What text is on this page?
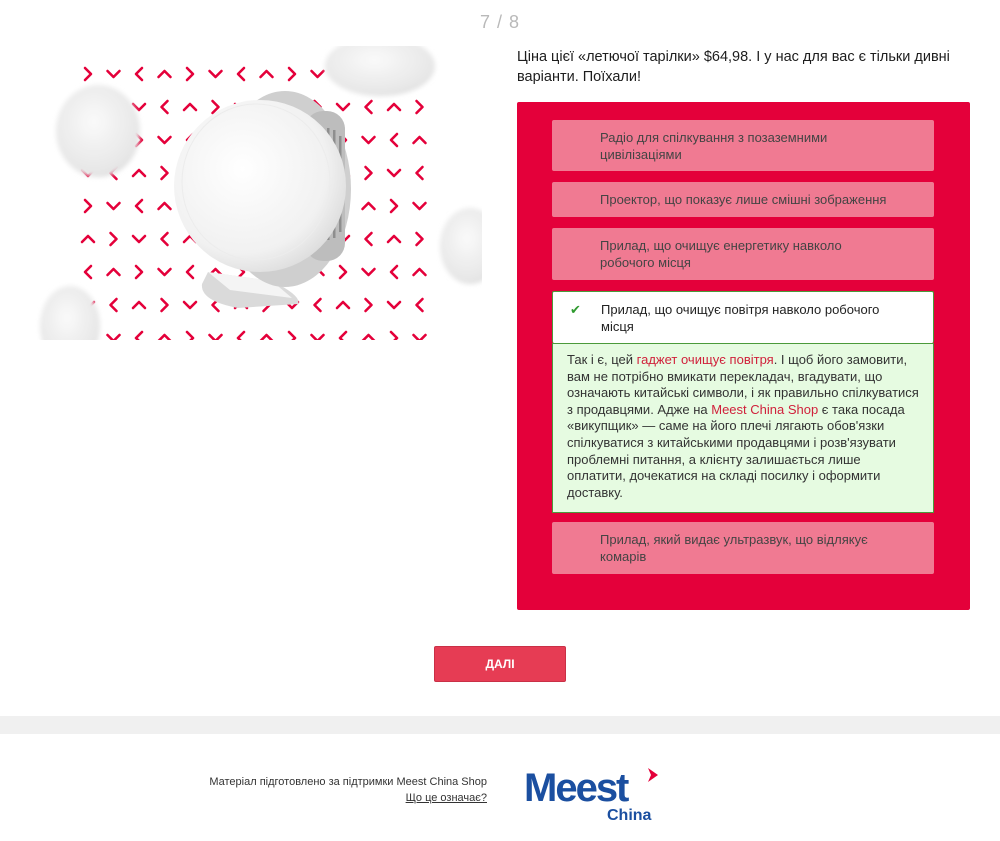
7 / 8
Ціна цієї «летючої тарілки» $64,98. І у нас для вас є тільки дивні варіанти. Поїхали!
Радіо для спілкування з позаземними цивілізаціями
Проектор, що показує лише смішні зображення
Прилад, що очищує енергетику навколо робочого місця
✔ Прилад, що очищує повітря навколо робочого місця
Так і є, цей гаджет очищує повітря. І щоб його замовити, вам не потрібно вмикати перекладач, вгадувати, що означають китайські символи, і як правильно спілкуватися з продавцями. Адже на Meest China Shop є така посада «викупщик» — саме на його плечі лягають обов'язки спілкуватися з китайськими продавцями і розв'язувати проблемні питання, а клієнту залишається лише оплатити, дочекатися на складі посилку і оформити доставку.
Прилад, який видає ультразвук, що відлякує комарів
ДАЛІ
Матеріал підготовлено за підтримки Meest China Shop
Що це означає? Meest
China
